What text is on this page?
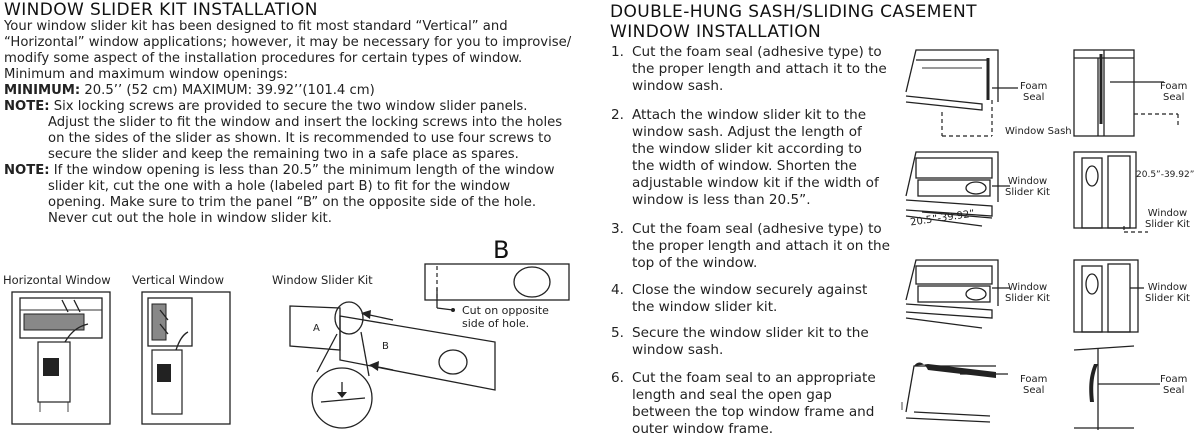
WINDOW SLIDER KIT INSTALLATION
Your window slider kit has been designed to fit most standard “Vertical” and
“Horizontal” window applications; however, it may be necessary for you to improvise/
modify some aspect of the installation procedures for certain types of window.
Minimum and maximum window openings:
MINIMUM: 20.5’’ (52 cm) MAXIMUM: 39.92’’(101.4 cm)
NOTE: Six locking screws are provided to secure the two window slider panels.
Adjust the slider to fit the window and insert the locking screws into the holes
on the sides of the slider as shown. It is recommended to use four screws to
secure the slider and keep the remaining two in a safe place as spares.
NOTE: If the window opening is less than 20.5” the minimum length of the window
slider kit, cut the one with a hole (labeled part B) to fit for the window
opening. Make sure to trim the panel “B” on the opposite side of the hole.
Never cut out the hole in window slider kit.
Horizontal Window Vertical Window	Window Slider Kit
B
A
B
Cut on opposite
side of hole.
DOUBLE-HUNG SASH/SLIDING CASEMENT
WINDOW INSTALLATION
1. Cut the foam seal (adhesive type) to
the proper length and attach it to the
window sash.
2. Attach the window slider kit to the
window sash. Adjust the length of
the window slider kit according to
the width of window. Shorten the
adjustable window kit if the width of
window is less than 20.5”.
3. Cut the foam seal (adhesive type) to
the proper length and attach it on the
top of the window.
4. Close the window securely against
the window slider kit.
5. Secure the window slider kit to the
window sash.
6. Cut the foam seal to an appropriate
length and seal the open gap
between the top window frame and
outer window frame.
Foam
Seal
Window Sash
Foam
Seal
Window
Slider Kit
20.5”-39.92”
20.5”-39.92”
Window
Slider Kit
Window
Slider Kit
Window
Slider Kit
Foam
Seal
Foam
Seal
